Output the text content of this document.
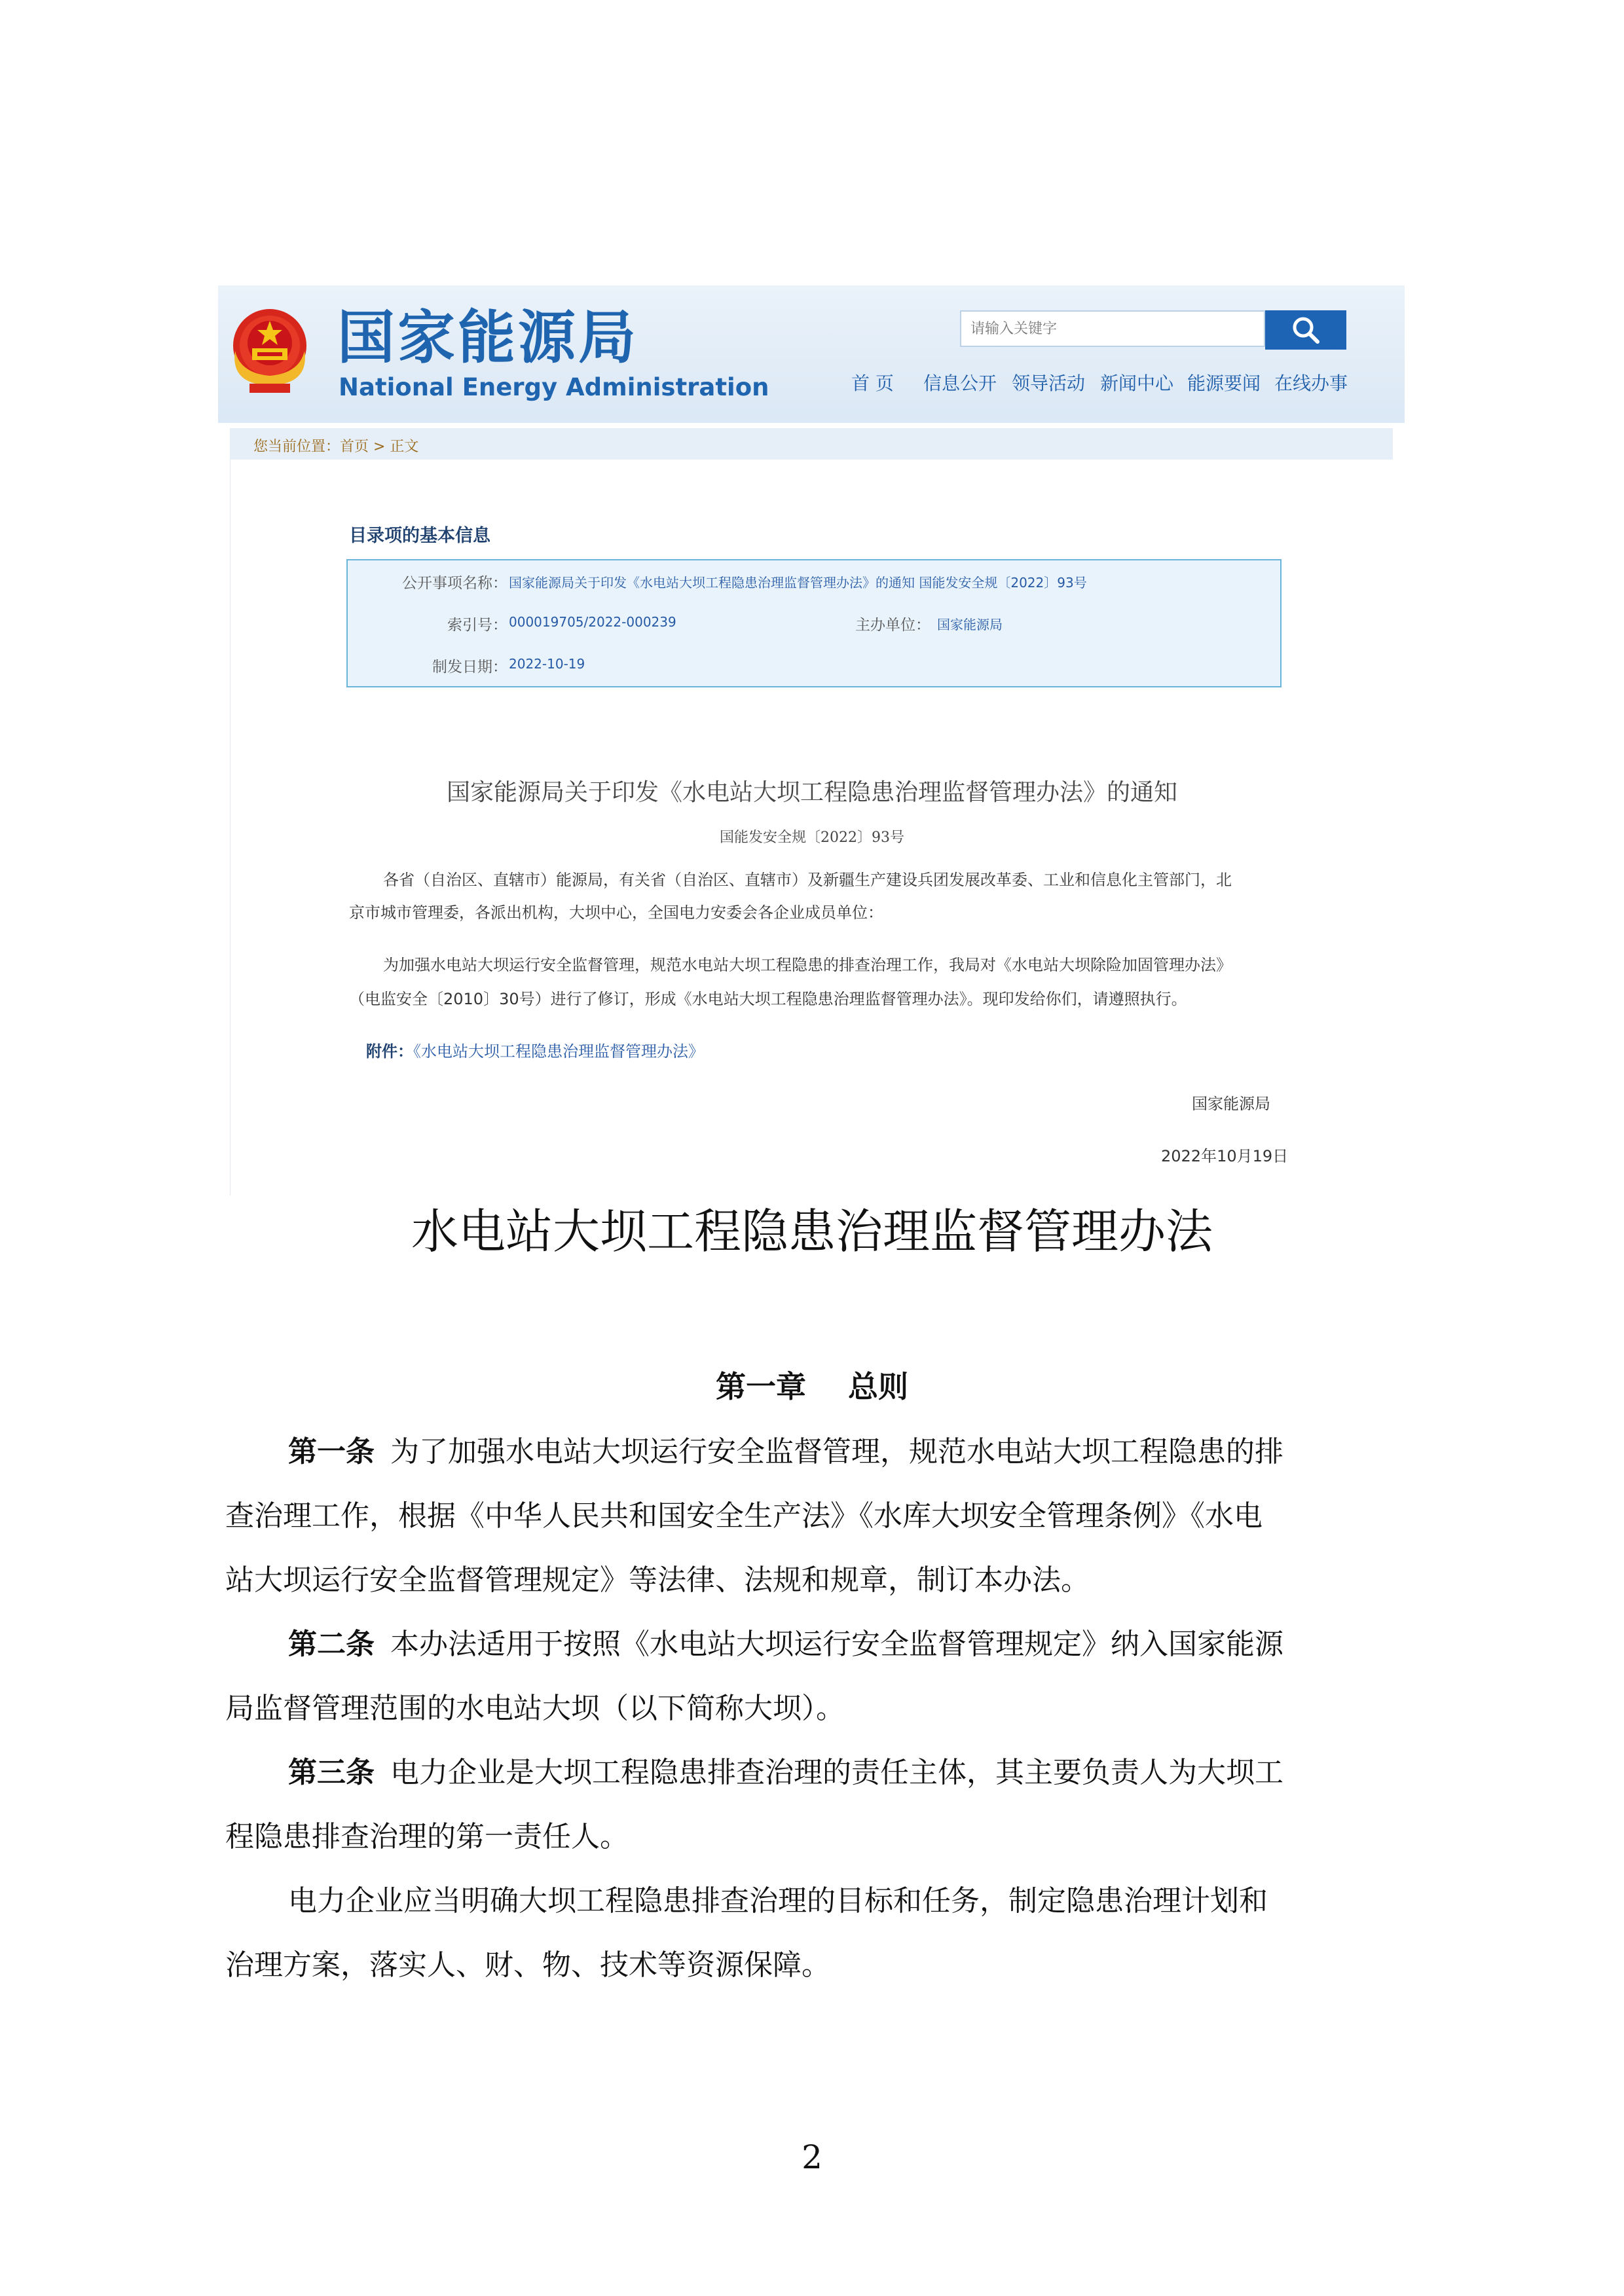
国家能源局
National Energy Administration
请输入关键字
首 页 信息公开 领导活动 新闻中心 能源要闻 在线办事
您当前位置：首页 > 正文
目录项的基本信息
公开事项名称： 国家能源局关于印发《水电站大坝工程隐患治理监督管理办法》的通知 国能发安全规〔2022〕93号
索引号： 000019705/2022-000239	主办单位： 国家能源局
制发日期： 2022-10-19
国家能源局关于印发《水电站大坝工程隐患治理监督管理办法》的通知
国能发安全规〔2022〕93号
各省（自治区、直辖市）能源局，有关省（自治区、直辖市）及新疆生产建设兵团发展改革委、工业和信息化主管部门，北
京市城市管理委，各派出机构，大坝中心，全国电力安委会各企业成员单位：
为加强水电站大坝运行安全监督管理，规范水电站大坝工程隐患的排查治理工作，我局对《水电站大坝除险加固管理办法》
（电监安全〔2010〕30号）进行了修订，形成《水电站大坝工程隐患治理监督管理办法》。现印发给你们，请遵照执行。
附件：《水电站大坝工程隐患治理监督管理办法》
国家能源局
2022年10月19日
水电站大坝工程隐患治理监督管理办法
第一章    总则
第一条 为了加强水电站大坝运行安全监督管理，规范水电站大坝工程隐患的排
查治理工作，根据《中华人民共和国安全生产法》《水库大坝安全管理条例》《水电
站大坝运行安全监督管理规定》等法律、法规和规章，制订本办法。
第二条 本办法适用于按照《水电站大坝运行安全监督管理规定》纳入国家能源
局监督管理范围的水电站大坝（以下简称大坝）。
第三条 电力企业是大坝工程隐患排查治理的责任主体，其主要负责人为大坝工
程隐患排查治理的第一责任人。
电力企业应当明确大坝工程隐患排查治理的目标和任务，制定隐患治理计划和
治理方案，落实人、财、物、技术等资源保障。
2
